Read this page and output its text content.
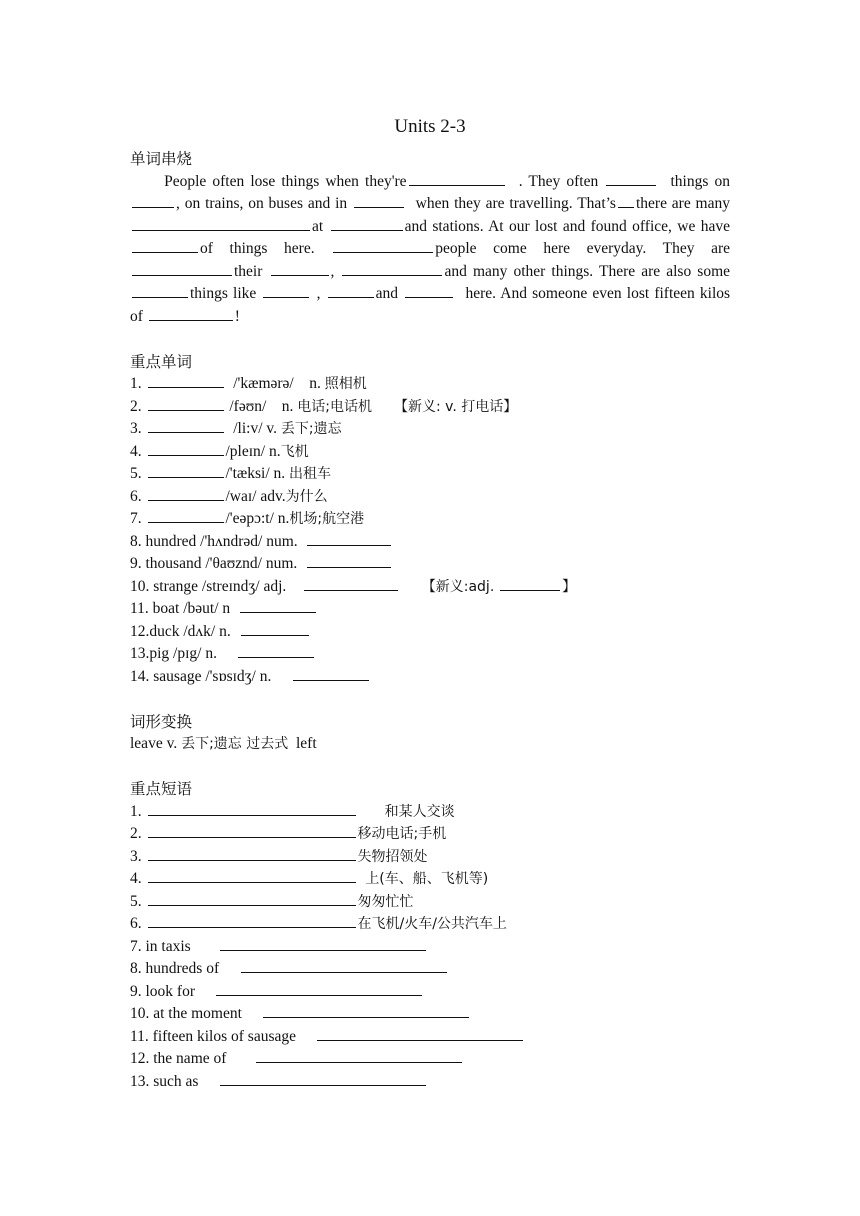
Units 2-3
单词串烧

People often lose things when they're	. They often	things on , on trains, on buses and in	when they are travelling. That’s there are many at	and stations. At our lost and found office, we have of things here.	people come here everyday. They are their	,	and many other things. There are also some things like	,	and	here. And someone even lost fifteen kilos of	!

重点单词
1.	/'kæmərə/ n. 照相机
2.	/fəʊn/ n. 电话;电话机 【新义: v. 打电话】
3.	/li:v/ v. 丢下;遗忘
4.	/pleɪn/ n.飞机
5.	/'tæksi/ n. 出租车
6.	/waɪ/ adv.为什么
7.	/'eəpɔ:t/ n.机场;航空港
8. hundred /'hʌndrəd/ num.
9. thousand /'θaʊznd/ num.
10. strange /streɪndʒ/ adj.	【新义:adj.	】
11. boat /bəut/ n
12.duck /dʌk/ n.
13.pig /pɪg/ n.
14. sausage /'sɒsɪdʒ/ n.
词形变换
leave v. 丢下;遗忘 过去式 left
重点短语
1.	和某人交谈
2.	移动电话;手机
3.	失物招领处
4.	上(车、船、飞机等)
5.	匆匆忙忙
6.	在飞机/火车/公共汽车上
7. in taxis
8. hundreds of
9. look for
10. at the moment
11. fifteen kilos of sausage
12. the name of
13. such as
